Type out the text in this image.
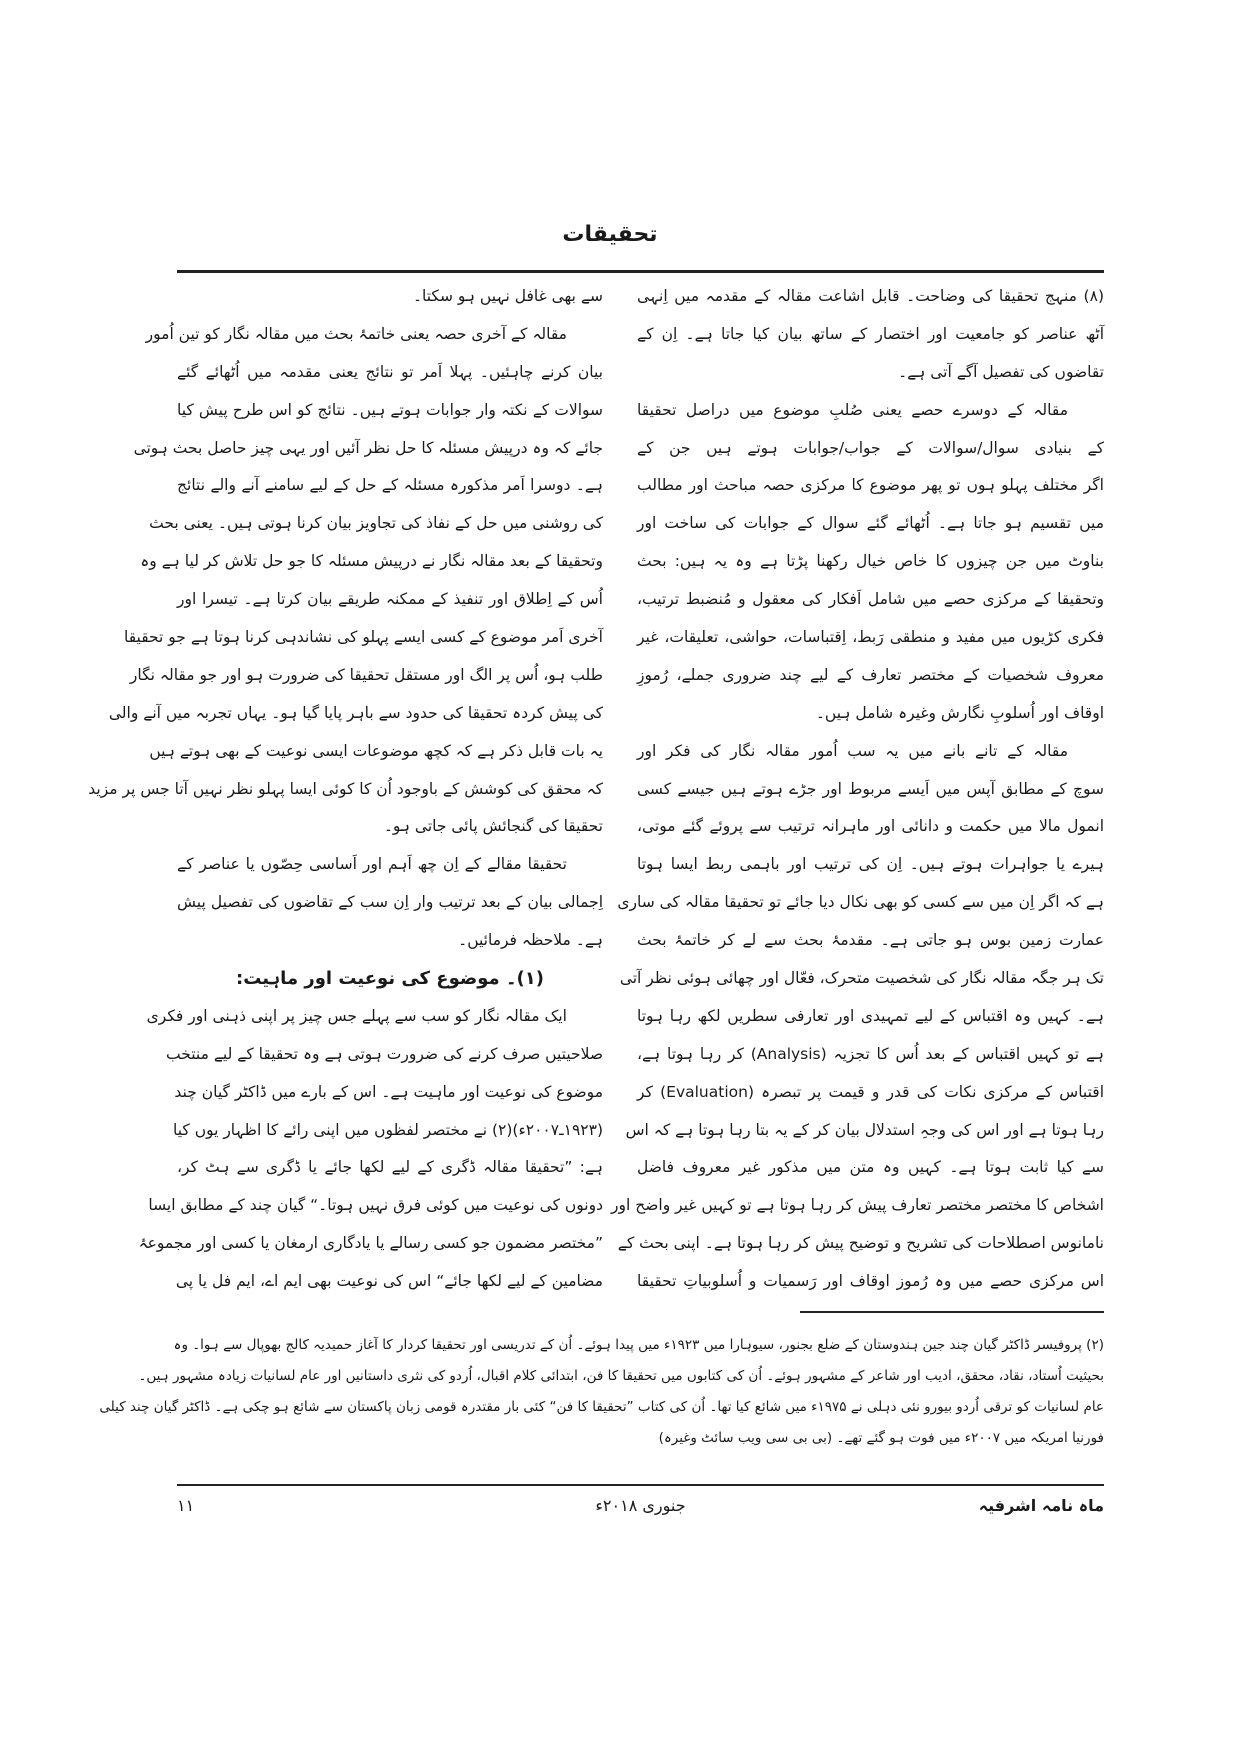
تحقیقات
(۸) منہج تحقیقا کی وضاحت۔ قابل اشاعت مقالہ کے مقدمہ میں اِنہی
آٹھ عناصر کو جامعیت اور اختصار کے ساتھ بیان کیا جاتا ہے۔ اِن کے
تقاضوں کی تفصیل آگے آتی ہے۔
مقالہ کے دوسرے حصے یعنی صُلبِ موضوع میں دراصل تحقیقا
کے بنیادی سوال/سوالات کے جواب/جوابات ہوتے ہیں جن کے
اگر مختلف پہلو ہوں تو پھر موضوع کا مرکزی حصہ مباحث اور مطالب
میں تقسیم ہو جاتا ہے۔ اُٹھائے گئے سوال کے جوابات کی ساخت اور
بناوٹ میں جن چیزوں کا خاص خیال رکھنا پڑتا ہے وہ یہ ہیں: بحث
وتحقیقا کے مرکزی حصے میں شامل اَفکار کی معقول و مُنضبط ترتیب،
فکری کڑیوں میں مفید و منطقی رَبط، اِقتباسات، حواشی، تعلیقات، غیر
معروف شخصیات کے مختصر تعارف کے لیے چند ضروری جملے، رُموزِ
اوقاف اور اُسلوبِ نگارش وغیرہ شامل ہیں۔
مقالہ کے تانے بانے میں یہ سب اُمور مقالہ نگار کی فکر اور
سوچ کے مطابق آپس میں اَیسے مربوط اور جڑے ہوتے ہیں جیسے کسی
انمول مالا میں حکمت و دانائی اور ماہرانہ ترتیب سے پروئے گئے موتی،
ہیرے یا جواہرات ہوتے ہیں۔ اِن کی ترتیب اور باہمی ربط ایسا ہوتا
ہے کہ اگر اِن میں سے کسی کو بھی نکال دیا جائے تو تحقیقا مقالہ کی ساری
عمارت زمین بوس ہو جاتی ہے۔ مقدمۂ بحث سے لے کر خاتمۂ بحث
تک ہر جگہ مقالہ نگار کی شخصیت متحرک، فعّال اور چھائی ہوئی نظر آتی
ہے۔ کہیں وہ اقتباس کے لیے تمہیدی اور تعارفی سطریں لکھ رہا ہوتا
ہے تو کہیں اقتباس کے بعد اُس کا تجزیہ (Analysis) کر رہا ہوتا ہے،
اقتباس کے مرکزی نکات کی قدر و قیمت پر تبصرہ (Evaluation) کر
رہا ہوتا ہے اور اس کی وجہِ استدلال بیان کر کے یہ بتا رہا ہوتا ہے کہ اس
سے کیا ثابت ہوتا ہے۔ کہیں وہ متن میں مذکور غیر معروف فاضل
اشخاص کا مختصر مختصر تعارف پیش کر رہا ہوتا ہے تو کہیں غیر واضح اور
نامانوس اصطلاحات کی تشریح و توضیح پیش کر رہا ہوتا ہے۔ اپنی بحث کے
اس مرکزی حصے میں وہ رُموز اوقاف اور رَسمیات و اُسلوبیاتِ تحقیقا
سے بھی غافل نہیں ہو سکتا۔
مقالہ کے آخری حصہ یعنی خاتمۂ بحث میں مقالہ نگار کو تین اُمور
بیان کرنے چاہئیں۔ پہلا اَمر تو نتائج یعنی مقدمہ میں اُٹھائے گئے
سوالات کے نکتہ وار جوابات ہوتے ہیں۔ نتائج کو اس طرح پیش کیا
جائے کہ وہ درپیش مسئلہ کا حل نظر آئیں اور یہی چیز حاصل بحث ہوتی
ہے۔ دوسرا اَمر مذکورہ مسئلہ کے حل کے لیے سامنے آنے والے نتائج
کی روشنی میں حل کے نفاذ کی تجاویز بیان کرنا ہوتی ہیں۔ یعنی بحث
وتحقیقا کے بعد مقالہ نگار نے درپیش مسئلہ کا جو حل تلاش کر لیا ہے وہ
اُس کے اِطلاق اور تنفیذ کے ممکنہ طریقے بیان کرتا ہے۔ تیسرا اور
آخری اَمر موضوع کے کسی ایسے پہلو کی نشاندہی کرنا ہوتا ہے جو تحقیقا
طلب ہو، اُس پر الگ اور مستقل تحقیقا کی ضرورت ہو اور جو مقالہ نگار
کی پیش کردہ تحقیقا کی حدود سے باہر پایا گیا ہو۔ یہاں تجربہ میں آنے والی
یہ بات قابل ذکر ہے کہ کچھ موضوعات ایسی نوعیت کے بھی ہوتے ہیں
کہ محقق کی کوشش کے باوجود اُن کا کوئی ایسا پہلو نظر نہیں آتا جس پر مزید
تحقیقا کی گنجائش پائی جاتی ہو۔
تحقیقا مقالے کے اِن چھ اَہم اور اَساسی حِصّوں یا عناصر کے
اِجمالی بیان کے بعد ترتیب وار اِن سب کے تقاضوں کی تفصیل پیش
ہے۔ ملاحظہ فرمائیں۔
(۱)۔ موضوع کی نوعیت اور ماہیت:
ایک مقالہ نگار کو سب سے پہلے جس چیز پر اپنی ذہنی اور فکری
صلاحیتیں صرف کرنے کی ضرورت ہوتی ہے وہ تحقیقا کے لیے منتخب
موضوع کی نوعیت اور ماہیت ہے۔ اس کے بارے میں ڈاکٹر گیان چند
(۱۹۲۳ـ۲۰۰۷ء)(۲) نے مختصر لفظوں میں اپنی رائے کا اظہار یوں کیا
ہے: ”تحقیقا مقالہ ڈگری کے لیے لکھا جائے یا ڈگری سے ہٹ کر،
دونوں کی نوعیت میں کوئی فرق نہیں ہوتا۔“ گیان چند کے مطابق ایسا
”مختصر مضمون جو کسی رسالے یا یادگاری ارمغان یا کسی اور مجموعۂ
مضامین کے لیے لکھا جائے“ اس کی نوعیت بھی ایم اے، ایم فل یا پی
(۲) پروفیسر ڈاکٹر گیان چند جین ہندوستان کے ضلع بجنور، سیوہارا میں ۱۹۲۳ء میں پیدا ہوئے۔ اُن کے تدریسی اور تحقیقا کردار کا آغاز حمیدیہ کالج بھوپال سے ہوا۔ وہ
بحیثیت اُستاد، نقاد، محقق، ادیب اور شاعر کے مشہور ہوئے۔ اُن کی کتابوں میں تحقیقا کا فن، ابتدائی کلام اقبال، اُردو کی نثری داستانیں اور عام لسانیات زیادہ مشہور ہیں۔
عام لسانیات کو ترقی اُردو بیورو نئی دہلی نے ۱۹۷۵ء میں شائع کیا تھا۔ اُن کی کتاب ”تحقیقا کا فن“ کئی بار مقتدرہ قومی زبان پاکستان سے شائع ہو چکی ہے۔ ڈاکٹر گیان چند کیلی
فورنیا امریکہ میں ۲۰۰۷ء میں فوت ہو گئے تھے۔ (بی بی سی ویب سائٹ وغیرہ)
ماہ نامہ اشرفیہ
جنوری ۲۰۱۸ء
۱۱
